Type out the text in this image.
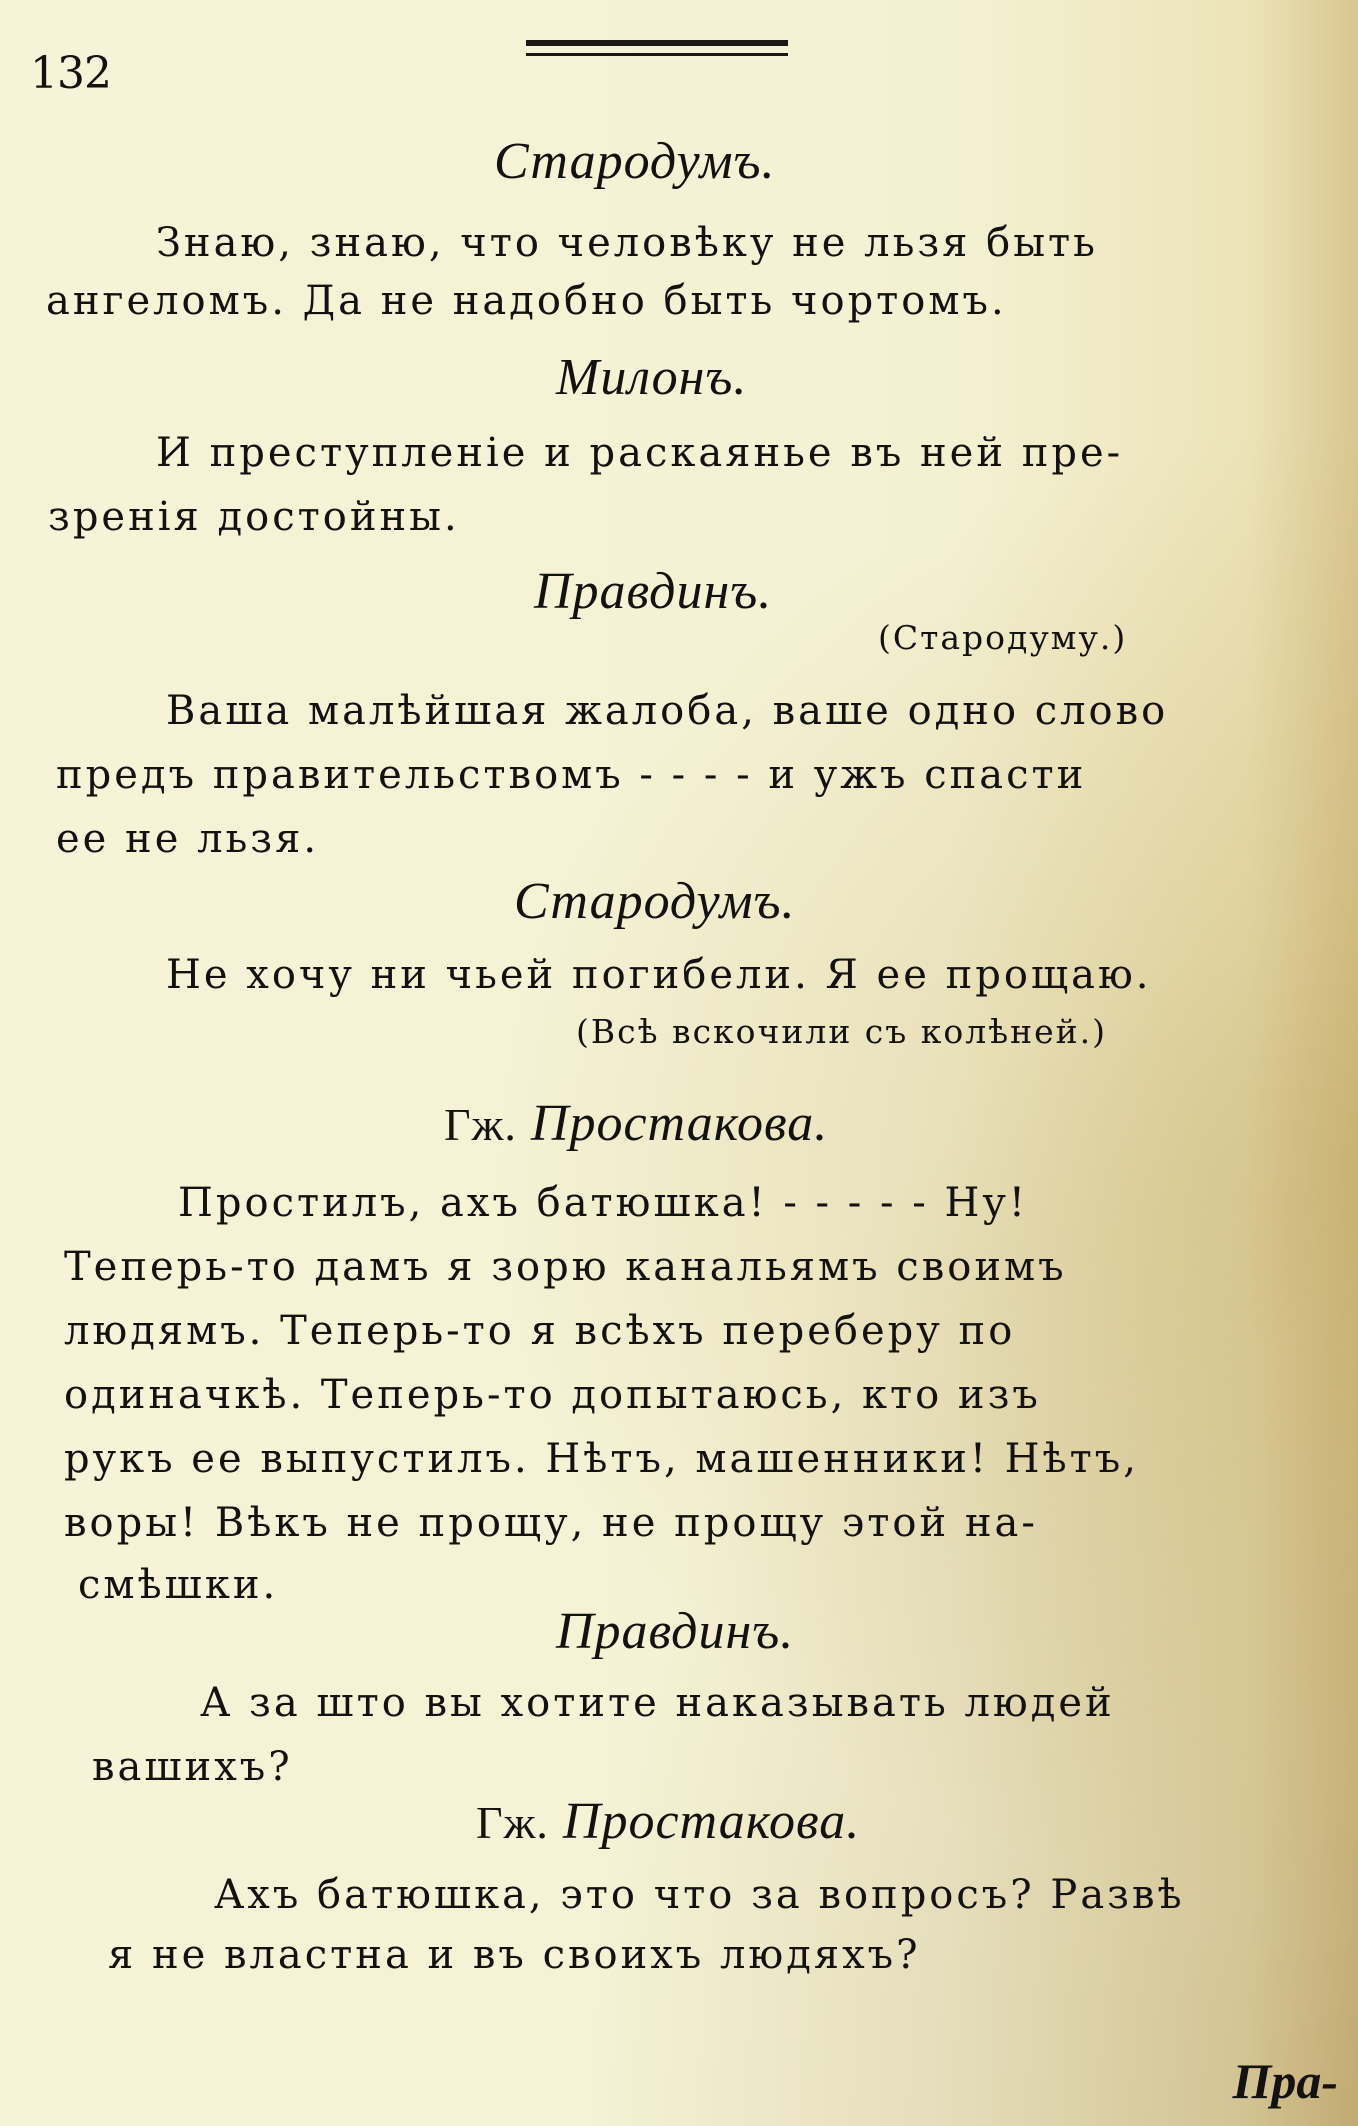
132
Стародумъ.
Знаю, знаю, что человѣку не льзя быть
ангеломъ. Да не надобно быть чортомъ.
Милонъ.
И преступленіе и раскаянье въ ней пре-
зренія достойны.
Правдинъ.
(Стародуму.)
Ваша малѣйшая жалоба, ваше одно слово
предъ правительствомъ - - - - и ужъ спасти
ее не льзя.
Стародумъ.
Не хочу ни чьей погибели. Я ее прощаю.
(Всѣ вскочили съ колѣней.)
Гж. Простакова.
Простилъ, ахъ батюшка! - - - - - Ну!
Теперь-то дамъ я зорю канальямъ своимъ
людямъ. Теперь-то я всѣхъ переберу по
одиначкѣ. Теперь-то допытаюсь, кто изъ
рукъ ее выпустилъ. Нѣтъ, машенники! Нѣтъ,
воры! Вѣкъ не прощу, не прощу этой на-
смѣшки.
Правдинъ.
А за што вы хотите наказывать людей
вашихъ?
Гж. Простакова.
Ахъ батюшка, это что за вопросъ? Развѣ
я не властна и въ своихъ людяхъ?
Пра-
